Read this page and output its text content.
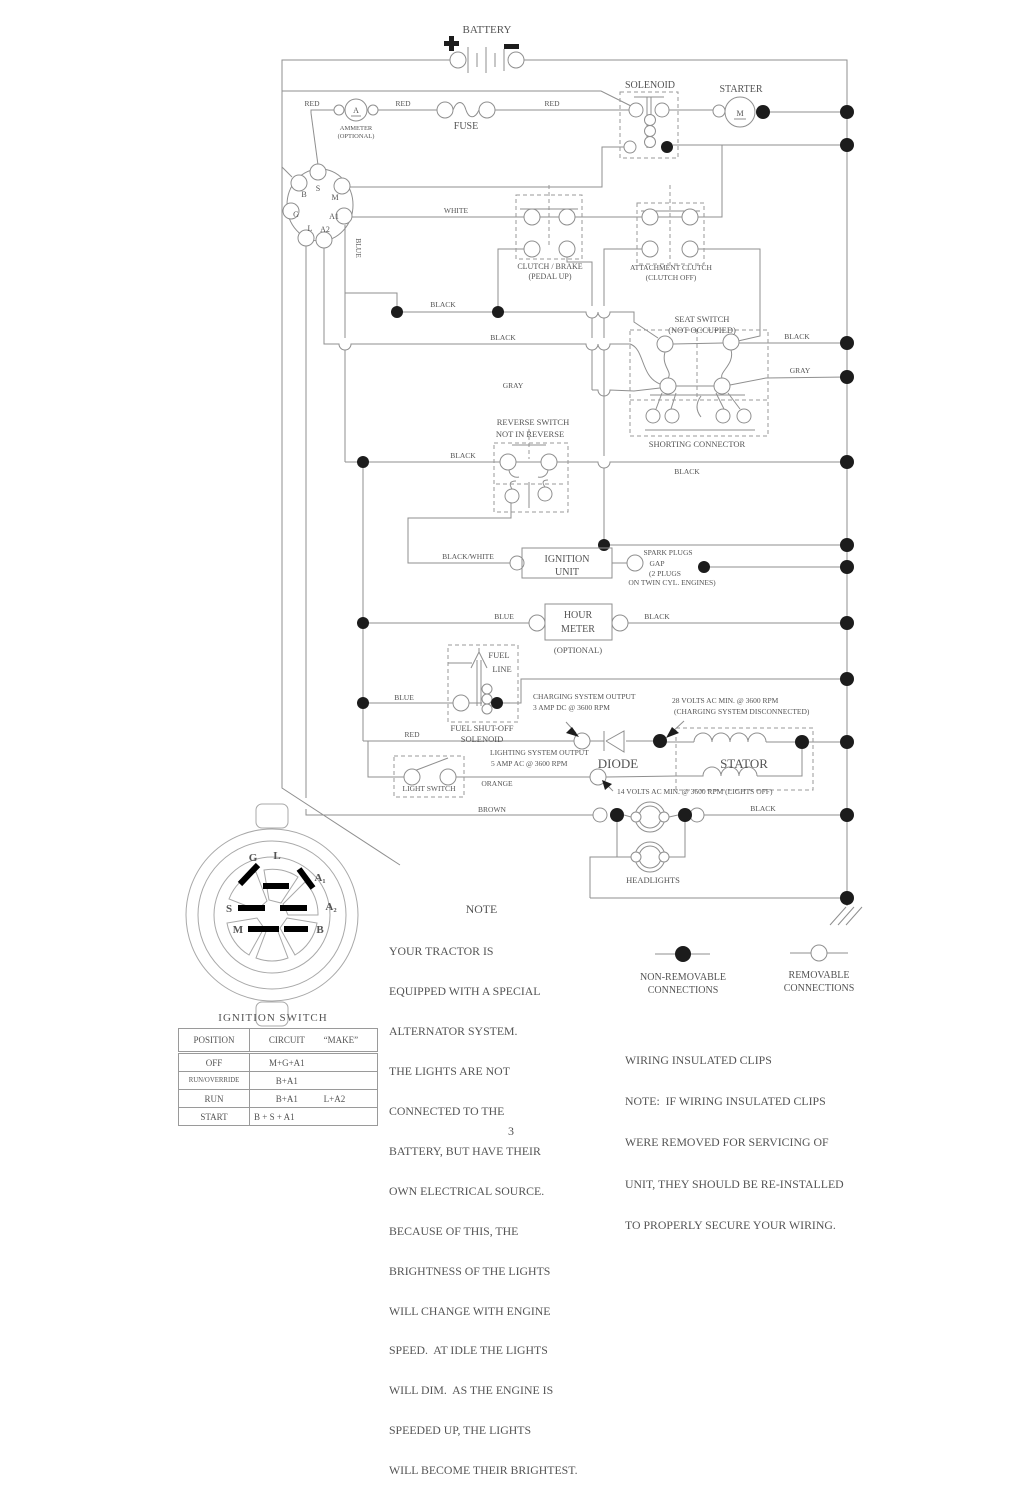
BATTERY
A
AMMETER
(OPTIONAL)
FUSE
SOLENOID	STARTER
M
CLUTCH / BRAKE
(PEDAL UP)
ATTACHMENT CLUTCH
(CLUTCH OFF)
SEAT SWITCH
(NOT OCCUPIED)
SHORTING CONNECTOR
REVERSE SWITCH
NOT IN REVERSE
IGNITION
UNIT
SPARK PLUGS
GAP
(2 PLUGS
ON TWIN CYL. ENGINES)
HOUR
METER
(OPTIONAL)
FUEL
LINE
FUEL SHUT-OFF
SOLENOID
CHARGING SYSTEM OUTPUT
3 AMP DC @ 3600 RPM
28 VOLTS AC MIN. @ 3600 RPM
(CHARGING SYSTEM DISCONNECTED)
DIODE	STATOR
LIGHTING SYSTEM OUTPUT
5 AMP AC @ 3600 RPM
LIGHT SWITCH	14 VOLTS AC MIN. @ 3600 RPM (LIGHTS OFF)
HEADLIGHTS
RED	RED	RED
WHITE
BLUE
BLACK
BLACK	BLACK
GRAY
GRAY
BLACK
BLACK
BLACK/WHITE
BLUE	BLACK
BLUE
RED
ORANGE
BROWN	BLACK
S
B	M
G	A1
L A2
NON-REMOVABLE
CONNECTIONS
REMOVABLE
CONNECTIONS
G L
A₁
A₂
S
M	B
IGNITION SWITCH

NOTE

YOUR TRACTOR IS

EQUIPPED WITH A SPECIAL

ALTERNATOR SYSTEM.

THE LIGHTS ARE NOT

CONNECTED TO THE

BATTERY, BUT HAVE THEIR

OWN ELECTRICAL SOURCE.

BECAUSE OF THIS, THE

BRIGHTNESS OF THE LIGHTS

WILL CHANGE WITH ENGINE

SPEED.  AT IDLE THE LIGHTS

WILL DIM.  AS THE ENGINE IS

SPEEDED UP, THE LIGHTS

WILL BECOME THEIR BRIGHTEST.

WIRING INSULATED CLIPS

NOTE:  IF WIRING INSULATED CLIPS

WERE REMOVED FOR SERVICING OF

UNIT, THEY SHOULD BE RE-INSTALLED

TO PROPERLY SECURE YOUR WIRING.

POSITION	CIRCUIT “MAKE”

OFF	M+G+A1

RUN/OVERRIDE	B+A1

RUN	B+A1 L+A2

START	B + S + A1
3
